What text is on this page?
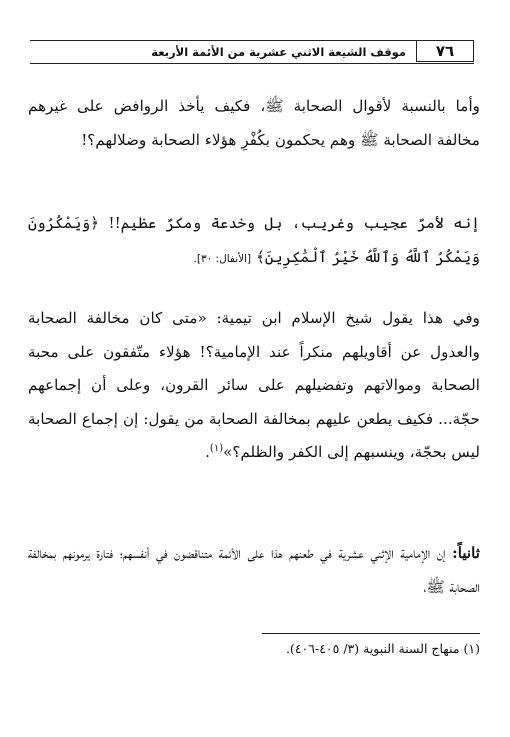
٧٦
موقف الشيعة الاثني عشرية من الأئمة الأربعة

وأما بالنسبة لأقوال الصحابة ﷺ، فكيف يأخذ الروافض على غيرهم مخالفة الصحابة ﷺ وهم يحكمون بكُفْرِ هؤلاء الصحابة وضلالهم؟!

إنه لأمرٌ عجيب وغريب، بل وخدعة ومكرٌ عظيم!! ﴿وَيَمْكُرُونَ وَيَمْكُرُ ٱللَّهُ وَٱللَّهُ خَيْرُ ٱلْمَٰكِرِينَ﴾ [الأنفال: ٣٠].

وفي هذا يقول شيخ الإسلام ابن تيمية: «متى كان مخالفة الصحابة والعدول عن أقاويلهم منكراً عند الإمامية؟! هؤلاء متّفقون على محبة الصحابة وموالاتهم وتفضيلهم على سائر القرون، وعلى أن إجماعهم حجّة... فكيف يطعن عليهم بمخالفة الصحابة من يقول: إن إجماع الصحابة ليس بحجّة، وينسبهم إلى الكفر والظلم؟»$^{(١)}$.

ثانياً: إن الإمامية الإثني عشرية في طعنهم هذا على الأئمة متناقضون في أنفسهم؛ فتارة يرمونهم بمخالفة الصحابة ﷺ،

(١) منهاج السنة النبوية (٣/ ٤٠٥-٤٠٦).
